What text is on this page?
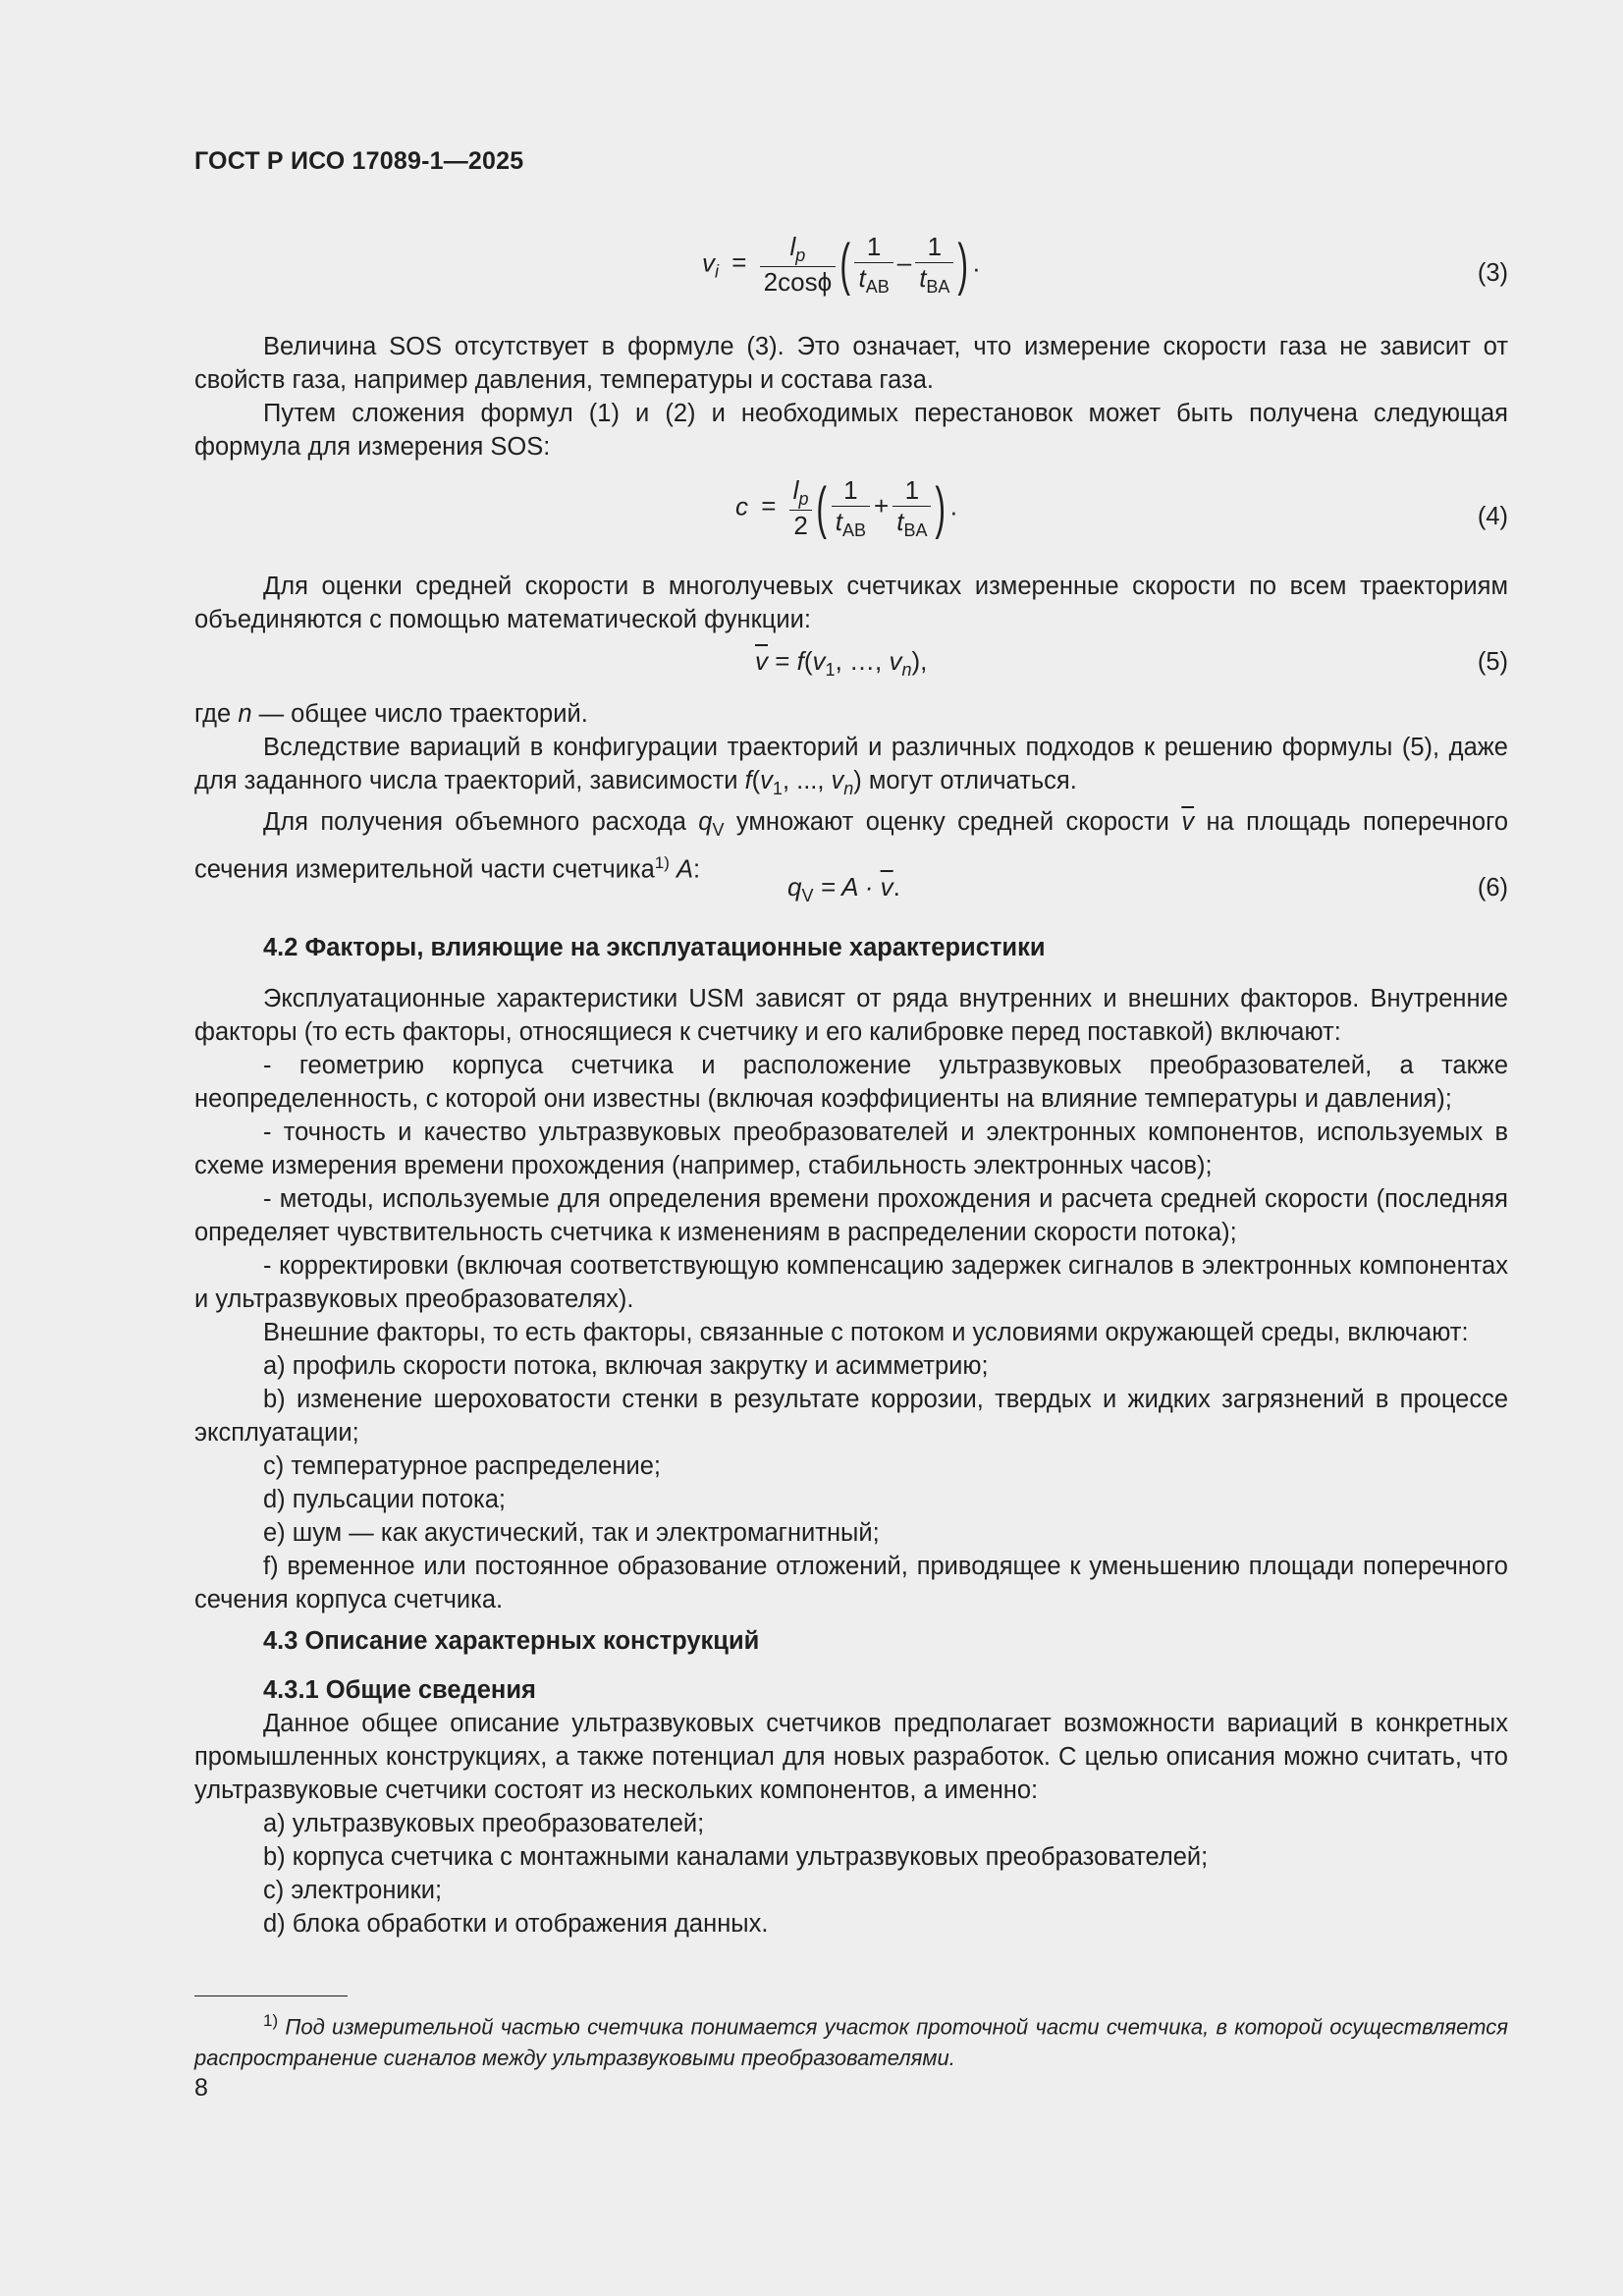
ГОСТ Р ИСО 17089-1—2025
$v_i = \frac{l_p}{2\cos\phi}$ ( $\frac{1}{t_{AB}} - \frac{1}{t_{BA}}$ ) .	(3)

Величина SOS отсутствует в формуле (3). Это означает, что измерение скорости газа не зависит от свойств газа, например давления, температуры и состава газа.

Путем сложения формул (1) и (2) и необходимых перестановок может быть получена следующая формула для измерения SOS:

$c = \frac{l_p}{2}$ ( $\frac{1}{t_{AB}} + \frac{1}{t_{BA}}$ ) .	(4)

Для оценки средней скорости в многолучевых счетчиках измеренные скорости по всем траекториям объединяются с помощью математической функции:

$\overline{v} = f(v_1$, …, $v_n$),	(5)

где n — общее число траекторий.

Вследствие вариаций в конфигурации траекторий и различных подходов к решению формулы (5), даже для заданного числа траекторий, зависимости $f(v_1$, ..., $v_n$) могут отличаться.

Для получения объемного расхода $q_V$ умножают оценку средней скорости $\overline{v}$ на площадь поперечного сечения измерительной части счетчика$^{1)}$ A:

$q_V = A \cdot \overline{v}$.	(6)

4.2 Факторы, влияющие на эксплуатационные характеристики

Эксплуатационные характеристики USM зависят от ряда внутренних и внешних факторов. Внутренние факторы (то есть факторы, относящиеся к счетчику и его калибровке перед поставкой) включают:

- геометрию корпуса счетчика и расположение ультразвуковых преобразователей, а также неопределенность, с которой они известны (включая коэффициенты на влияние температуры и давления);

- точность и качество ультразвуковых преобразователей и электронных компонентов, используемых в схеме измерения времени прохождения (например, стабильность электронных часов);

- методы, используемые для определения времени прохождения и расчета средней скорости (последняя определяет чувствительность счетчика к изменениям в распределении скорости потока);

- корректировки (включая соответствующую компенсацию задержек сигналов в электронных компонентах и ультразвуковых преобразователях).

Внешние факторы, то есть факторы, связанные с потоком и условиями окружающей среды, включают:

a) профиль скорости потока, включая закрутку и асимметрию;

b) изменение шероховатости стенки в результате коррозии, твердых и жидких загрязнений в процессе эксплуатации;

c) температурное распределение;

d) пульсации потока;

e) шум — как акустический, так и электромагнитный;

f) временное или постоянное образование отложений, приводящее к уменьшению площади поперечного сечения корпуса счетчика.

4.3 Описание характерных конструкций

4.3.1 Общие сведения

Данное общее описание ультразвуковых счетчиков предполагает возможности вариаций в конкретных промышленных конструкциях, а также потенциал для новых разработок. С целью описания можно считать, что ультразвуковые счетчики состоят из нескольких компонентов, а именно:

a) ультразвуковых преобразователей;

b) корпуса счетчика с монтажными каналами ультразвуковых преобразователей;

c) электроники;

d) блока обработки и отображения данных.

$^{1)}$ Под измерительной частью счетчика понимается участок проточной части счетчика, в которой осуществляется распространение сигналов между ультразвуковыми преобразователями.
8
